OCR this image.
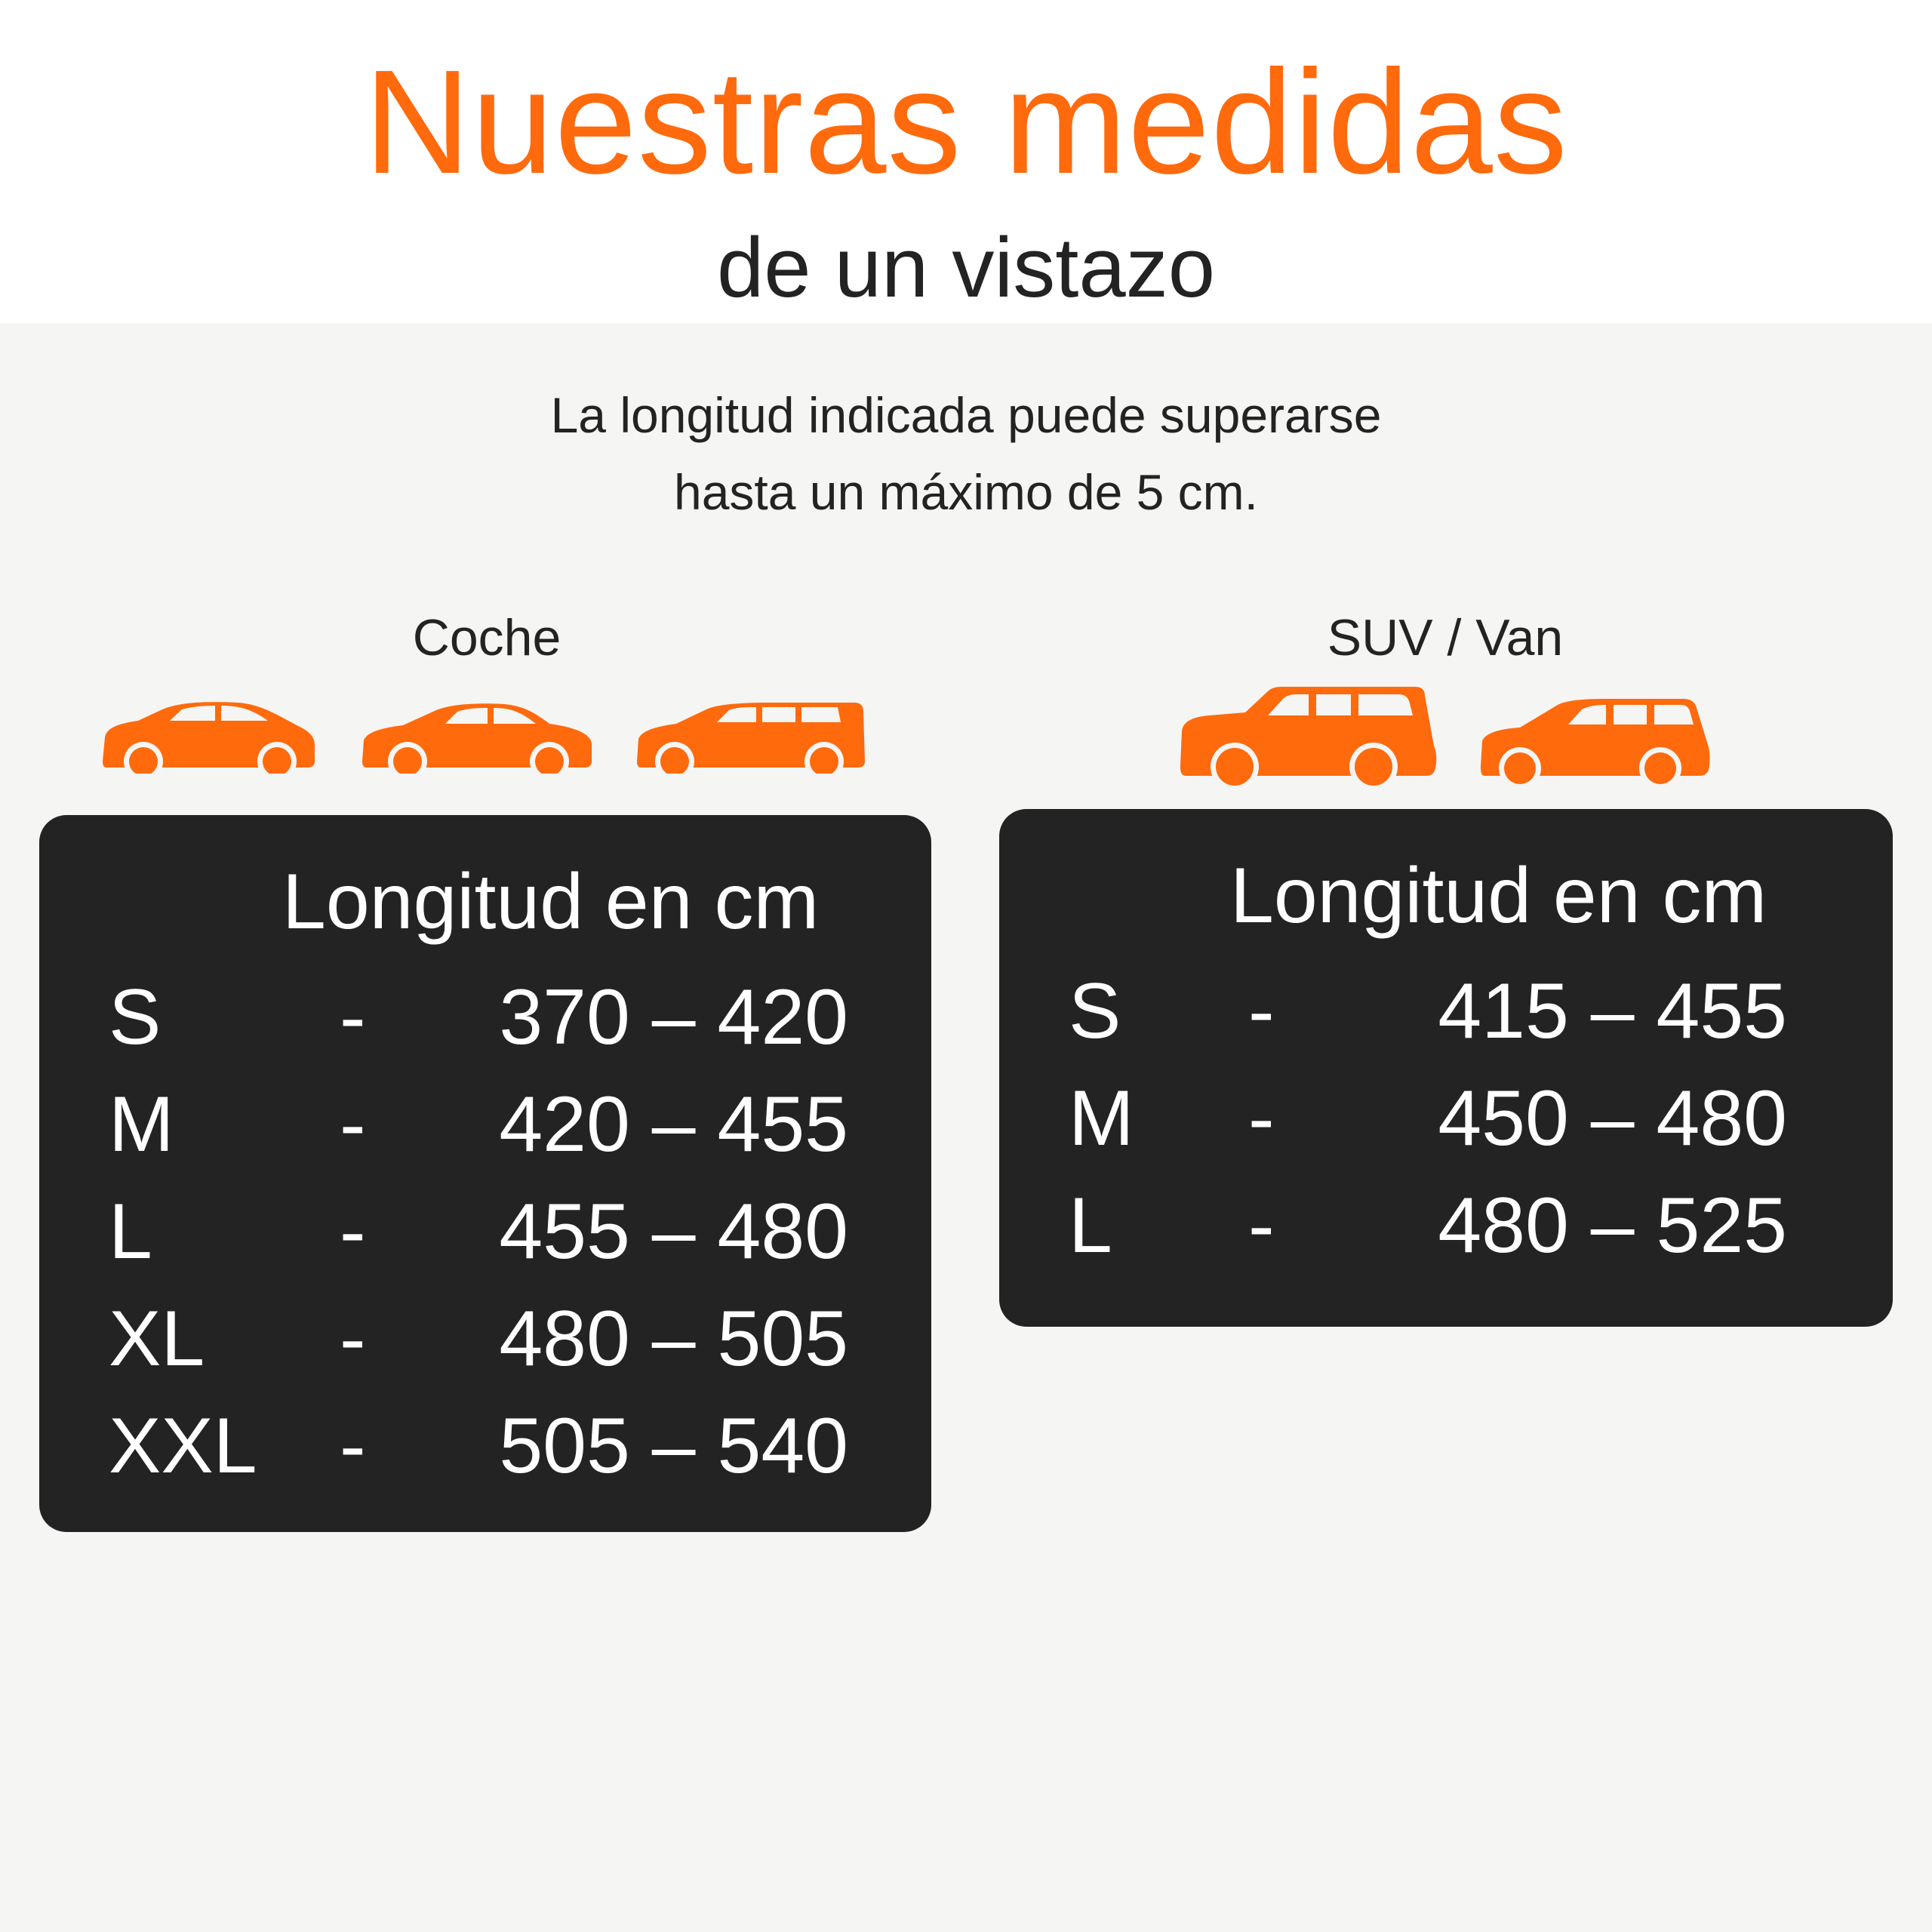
Nuestras medidas
de un vistazo
La longitud indicada puede superarse
hasta un máximo de 5 cm.
Coche
Longitud en cm
S - 370 – 420
M - 420 – 455
L - 455 – 480
XL - 480 – 505
XXL - 505 – 540
SUV / Van
Longitud en cm
S - 415 – 455
M - 450 – 480
L - 480 – 525
